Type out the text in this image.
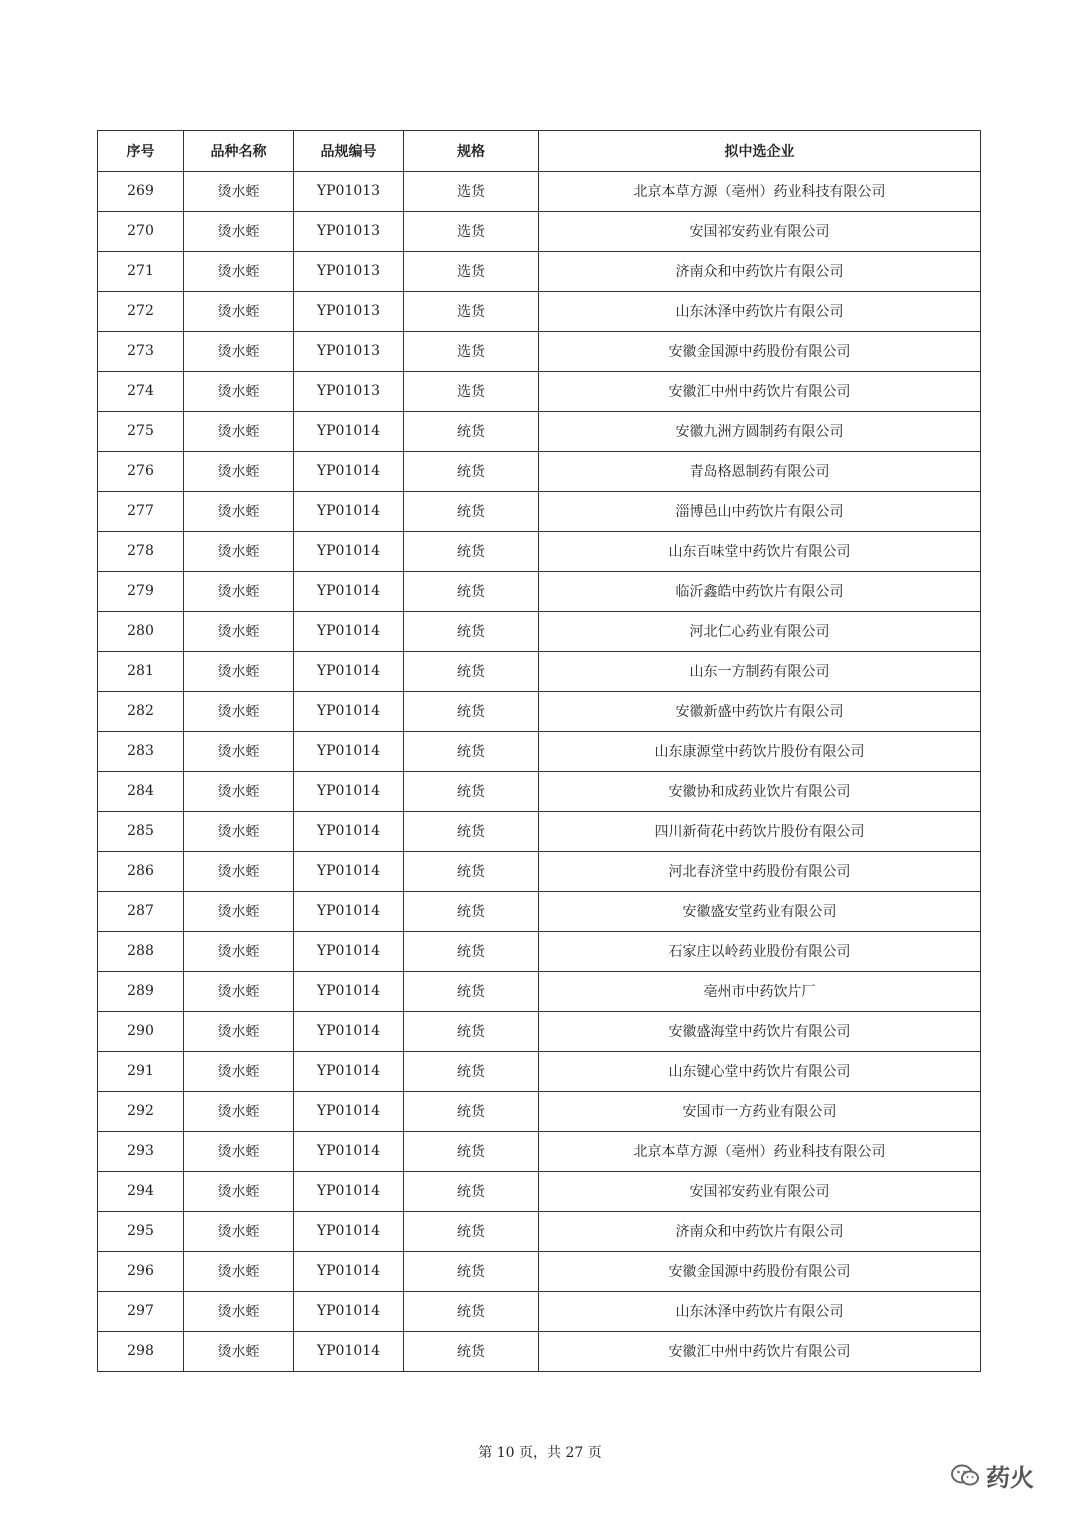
序号	品种名称	品规编号	规格	拟中选企业
269	烫水蛭	YP01013	选货	北京本草方源（亳州）药业科技有限公司
270	烫水蛭	YP01013	选货	安国祁安药业有限公司
271	烫水蛭	YP01013	选货	济南众和中药饮片有限公司
272	烫水蛭	YP01013	选货	山东沐泽中药饮片有限公司
273	烫水蛭	YP01013	选货	安徽金国源中药股份有限公司
274	烫水蛭	YP01013	选货	安徽汇中州中药饮片有限公司
275	烫水蛭	YP01014	统货	安徽九洲方圆制药有限公司
276	烫水蛭	YP01014	统货	青岛格恩制药有限公司
277	烫水蛭	YP01014	统货	淄博邑山中药饮片有限公司
278	烫水蛭	YP01014	统货	山东百味堂中药饮片有限公司
279	烫水蛭	YP01014	统货	临沂鑫皓中药饮片有限公司
280	烫水蛭	YP01014	统货	河北仁心药业有限公司
281	烫水蛭	YP01014	统货	山东一方制药有限公司
282	烫水蛭	YP01014	统货	安徽新盛中药饮片有限公司
283	烫水蛭	YP01014	统货	山东康源堂中药饮片股份有限公司
284	烫水蛭	YP01014	统货	安徽协和成药业饮片有限公司
285	烫水蛭	YP01014	统货	四川新荷花中药饮片股份有限公司
286	烫水蛭	YP01014	统货	河北春济堂中药股份有限公司
287	烫水蛭	YP01014	统货	安徽盛安堂药业有限公司
288	烫水蛭	YP01014	统货	石家庄以岭药业股份有限公司
289	烫水蛭	YP01014	统货	亳州市中药饮片厂
290	烫水蛭	YP01014	统货	安徽盛海堂中药饮片有限公司
291	烫水蛭	YP01014	统货	山东键心堂中药饮片有限公司
292	烫水蛭	YP01014	统货	安国市一方药业有限公司
293	烫水蛭	YP01014	统货	北京本草方源（亳州）药业科技有限公司
294	烫水蛭	YP01014	统货	安国祁安药业有限公司
295	烫水蛭	YP01014	统货	济南众和中药饮片有限公司
296	烫水蛭	YP01014	统货	安徽金国源中药股份有限公司
297	烫水蛭	YP01014	统货	山东沐泽中药饮片有限公司
298	烫水蛭	YP01014	统货	安徽汇中州中药饮片有限公司
第 10 页，共 27 页
药火
